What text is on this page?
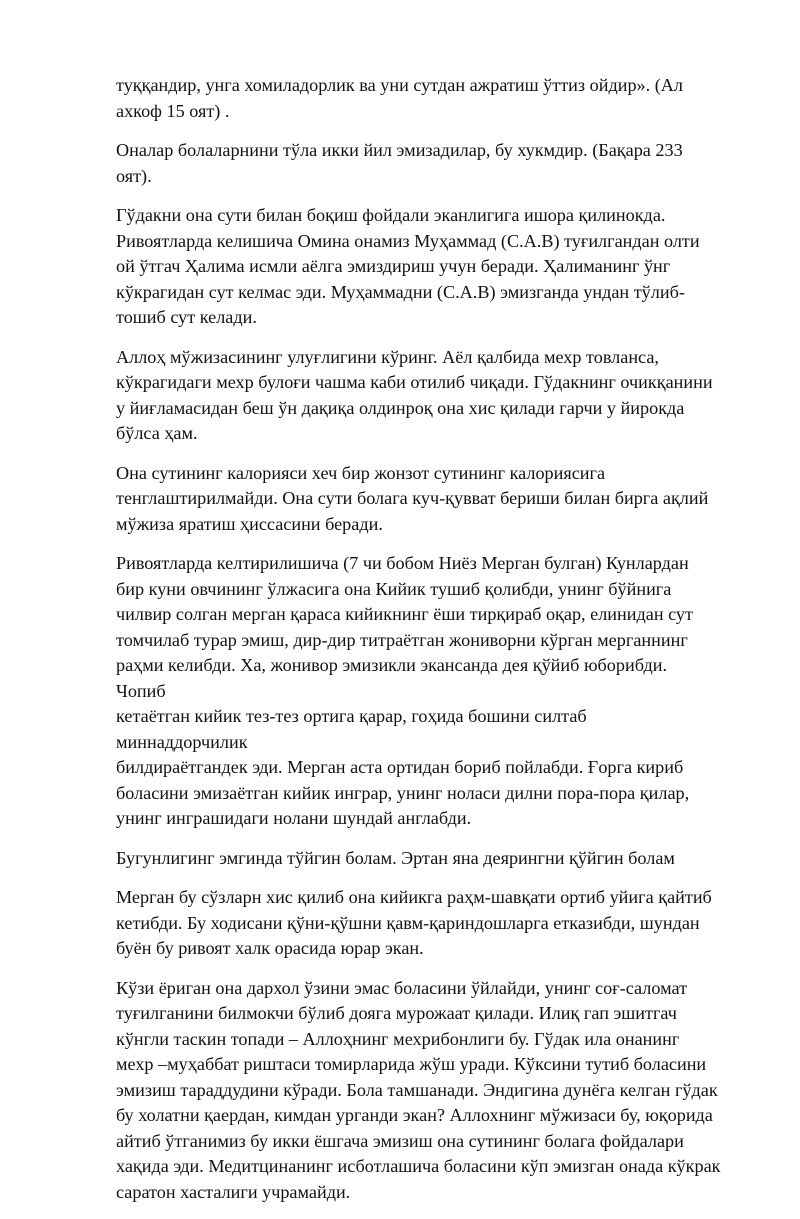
туққандир, унга хомиладорлик ва уни сутдан ажратиш ўттиз ойдир». (Ал
ахкоф 15 оят) .

Оналар болаларнини тўла икки йил эмизадилар, бу хукмдир. (Бақара 233
оят).

Гўдакни она сути билан боқиш фойдали эканлигига ишора қилинокда.
Ривоятларда келишича Омина онамиз Муҳаммад (С.А.В) туғилгандан олти
ой ўтгач Ҳалима исмли аёлга эмиздириш учун беради. Ҳалиманинг ўнг
кўкрагидан сут келмас эди. Муҳаммадни (С.А.В) эмизганда ундан тўлиб-
тошиб сут келади.

Аллоҳ мўжизасининг улуғлигини кўринг. Аёл қалбида мехр товланса,
кўкрагидаги мехр булоғи чашма каби отилиб чиқади. Гўдакнинг очикқанини
у йиғламасидан беш ўн дақиқа олдинроқ она хис қилади гарчи у йирокда
бўлса ҳам.

Она сутининг калорияси хеч бир жонзот сутининг калориясига
тенглаштирилмайди. Она сути болага куч-қувват бериши билан бирга ақлий
мўжиза яратиш ҳиссасини беради.

Ривоятларда келтирилишича (7 чи бобом Ниёз Мерган булган) Кунлардан
бир куни овчининг ўлжасига она Кийик тушиб қолибди, унинг бўйнига
чилвир солган мерган қараса кийикнинг ёши тирқираб оқар, елинидан сут
томчилаб турар эмиш, дир-дир титраётган жониворни кўрган мерганнинг
раҳми келибди. Ха, жонивор эмизикли экансанда дея қўйиб юборибди. Чопиб
кетаётган кийик тез-тез ортига қарар, гоҳида бошини силтаб миннаддорчилик
билдираётгандек эди. Мерган аста ортидан бориб пойлабди. Ғорга кириб
боласини эмизаётган кийик инграр, унинг ноласи дилни пора-пора қилар,
унинг инграшидаги нолани шундай англабди.

Бугунлигинг эмгинда тўйгин болам. Эртан яна деярингни қўйгин болам

Мерган бу сўзларн хис қилиб она кийикга раҳм-шавқати ортиб уйига қайтиб
кетибди. Бу ходисани қўни-қўшни қавм-қариндошларга етказибди, шундан
буён бу ривоят халк орасида юрар экан.

Кўзи ёриган она дархол ўзини эмас боласини ўйлайди, унинг соғ-саломат
туғилганини билмокчи бўлиб дояга мурожаат қилади. Илиқ гап эшитгач
кўнгли таскин топади – Аллоҳнинг мехрибонлиги бу. Гўдак ила онанинг
мехр –муҳаббат риштаси томирларида жўш уради. Кўксини тутиб боласини
эмизиш тараддудини кўради. Бола тамшанади. Эндигина дунёга келган гўдак
бу холатни қаердан, кимдан урганди экан? Аллохнинг мўжизаси бу, юқорида
айтиб ўтганимиз бу икки ёшгача эмизиш она сутининг болага фойдалари
хақида эди. Медитцинанинг исботлашича боласини кўп эмизган онада кўкрак
саратон хасталиги учрамайди.
